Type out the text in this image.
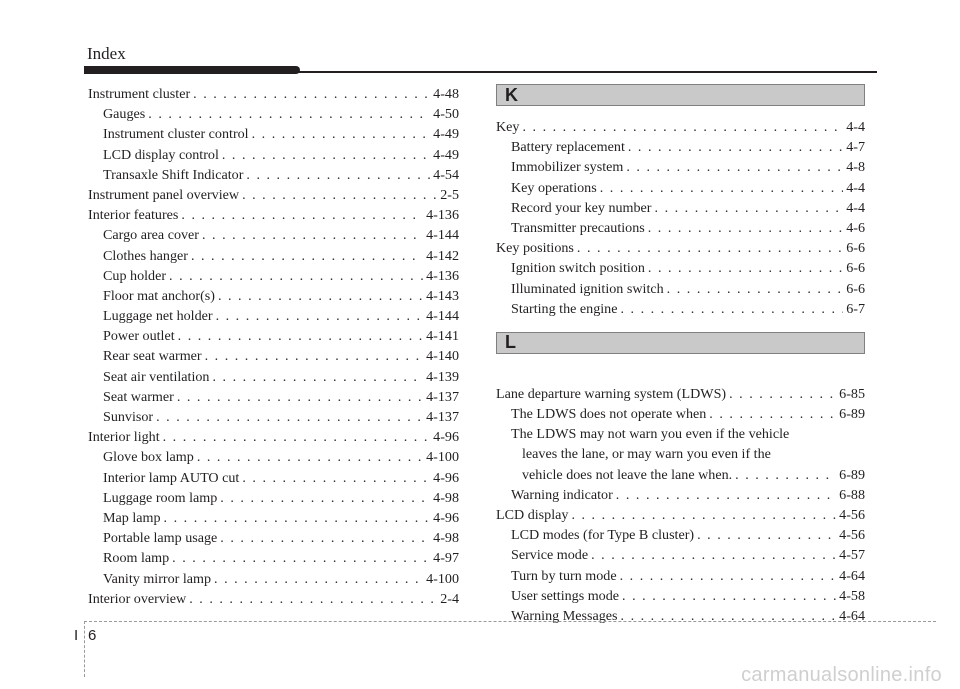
Index
Instrument cluster . . .	4-48
Gauges . . .	4-50
Instrument cluster control . . .	4-49
LCD display control . . .	4-49
Transaxle Shift Indicator . . .	4-54
Instrument panel overview . . .	2-5
Interior features . . .	4-136
Cargo area cover . . .	4-144
Clothes hanger . . .	4-142
Cup holder . . .	4-136
Floor mat anchor(s) . . .	4-143
Luggage net holder . . .	4-144
Power outlet . . .	4-141
Rear seat warmer . . .	4-140
Seat air ventilation . . .	4-139
Seat warmer . . .	4-137
Sunvisor . . .	4-137
Interior light . . .	4-96
Glove box lamp . . .	4-100
Interior lamp AUTO cut . . .	4-96
Luggage room lamp . . .	4-98
Map lamp . . .	4-96
Portable lamp usage . . .	4-98
Room lamp . . .	4-97
Vanity mirror lamp . . .	4-100
Interior overview . . .	2-4
K
Key . . .	4-4
Battery replacement . . .	4-7
Immobilizer system . . .	4-8
Key operations . . .	4-4
Record your key number . . .	4-4
Transmitter precautions . . .	4-6
Key positions . . .	6-6
Ignition switch position . . .	6-6
Illuminated ignition switch . . .	6-6
Starting the engine . . .	6-7
L
Lane departure warning system (LDWS) . . .	6-85
The LDWS does not operate when . . .	6-89
The LDWS may not warn you even if the vehicle
leaves the lane, or may warn you even if the
vehicle does not leave the lane when. . . .	6-89
Warning indicator . . .	6-88
LCD display . . .	4-56
LCD modes (for Type B cluster) . . .	4-56
Service mode . . .	4-57
Turn by turn mode . . .	4-64
User settings mode . . .	4-58
Warning Messages . . .	4-64
I 6
carmanualsonline.info
